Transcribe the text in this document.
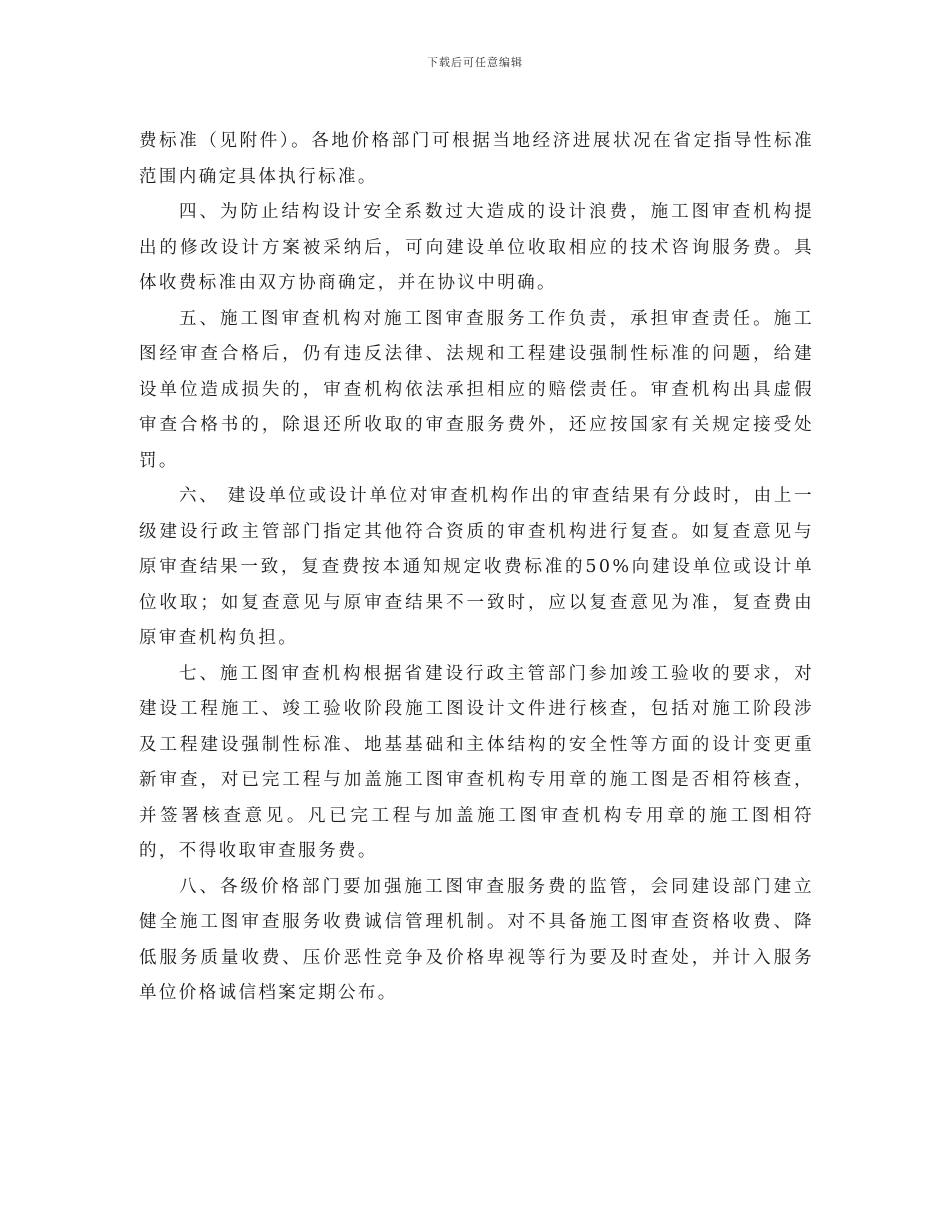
下载后可任意编辑

费标准（见附件）。各地价格部门可根据当地经济进展状况在省定指导性标准范围内确定具体执行标准。

四、为防止结构设计安全系数过大造成的设计浪费，施工图审查机构提出的修改设计方案被采纳后，可向建设单位收取相应的技术咨询服务费。具体收费标准由双方协商确定，并在协议中明确。

五、施工图审查机构对施工图审查服务工作负责，承担审查责任。施工图经审查合格后，仍有违反法律、法规和工程建设强制性标准的问题，给建设单位造成损失的，审查机构依法承担相应的赔偿责任。审查机构出具虚假审查合格书的，除退还所收取的审查服务费外，还应按国家有关规定接受处罚。

六、 建设单位或设计单位对审查机构作出的审查结果有分歧时，由上一级建设行政主管部门指定其他符合资质的审查机构进行复查。如复查意见与原审查结果一致，复查费按本通知规定收费标准的50%向建设单位或设计单位收取；如复查意见与原审查结果不一致时，应以复查意见为准，复查费由原审查机构负担。

七、施工图审查机构根据省建设行政主管部门参加竣工验收的要求，对建设工程施工、竣工验收阶段施工图设计文件进行核查，包括对施工阶段涉及工程建设强制性标准、地基基础和主体结构的安全性等方面的设计变更重新审查，对已完工程与加盖施工图审查机构专用章的施工图是否相符核查，并签署核查意见。凡已完工程与加盖施工图审查机构专用章的施工图相符的，不得收取审查服务费。

八、各级价格部门要加强施工图审查服务费的监管，会同建设部门建立健全施工图审查服务收费诚信管理机制。对不具备施工图审查资格收费、降低服务质量收费、压价恶性竞争及价格卑视等行为要及时查处，并计入服务单位价格诚信档案定期公布。
